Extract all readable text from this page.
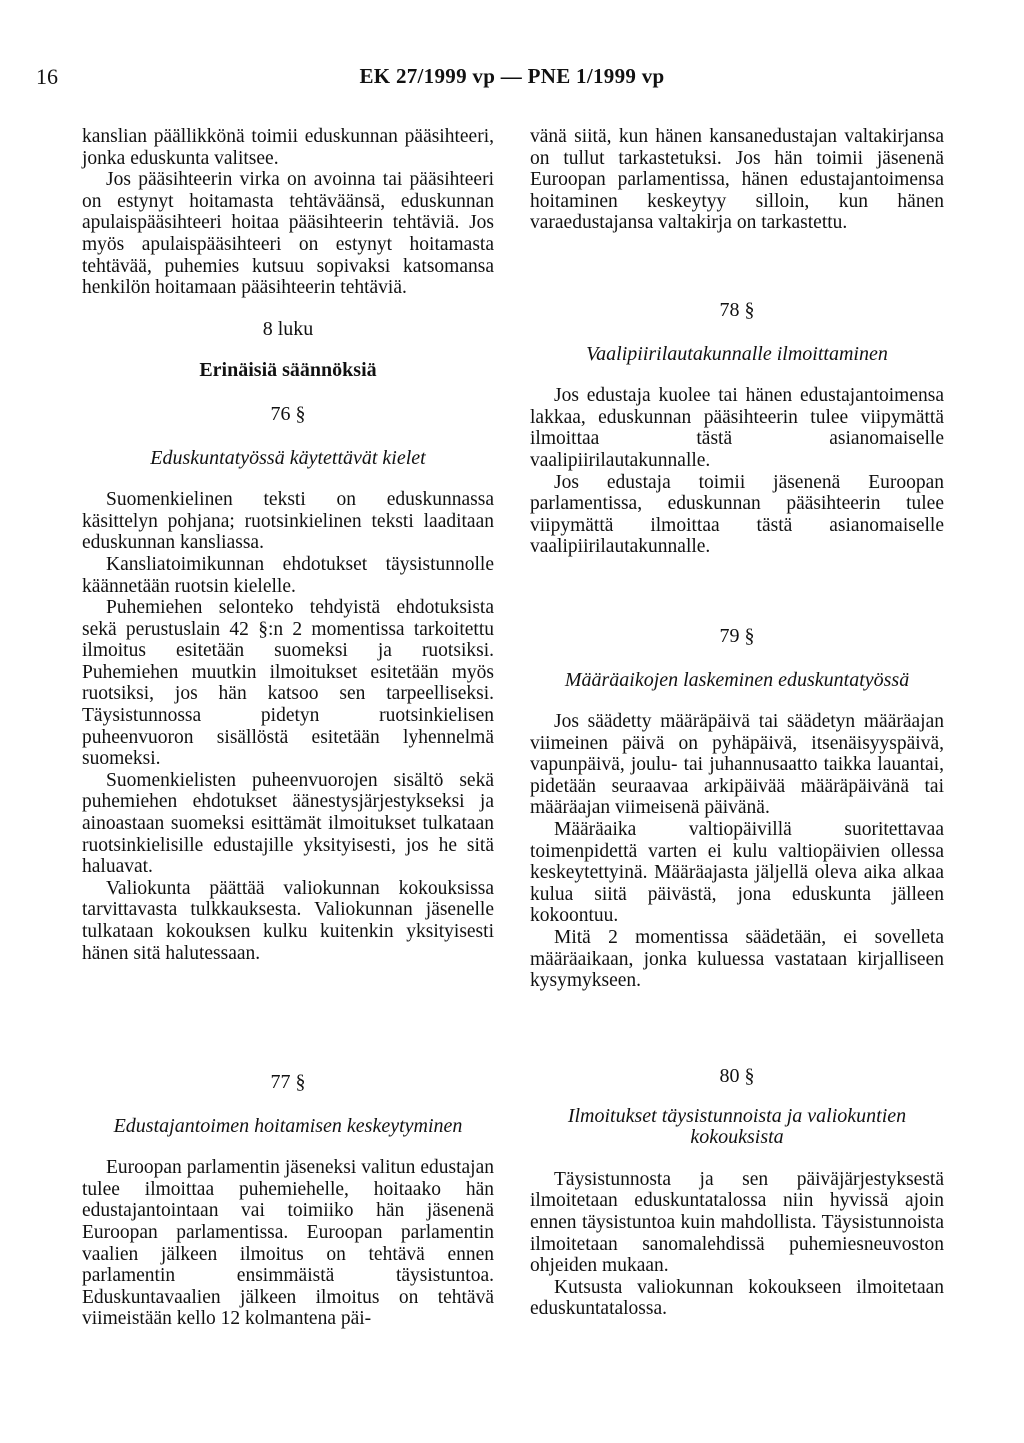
16	EK 27/1999 vp — PNE 1/1999 vp

kanslian päällikkönä toimii eduskunnan pääsihteeri, jonka eduskunta valitsee.

Jos pääsihteerin virka on avoinna tai pääsihteeri on estynyt hoitamasta tehtäväänsä, eduskunnan apulaispääsihteeri hoitaa pääsihteerin tehtäviä. Jos myös apulaispääsihteeri on estynyt hoitamasta tehtävää, puhemies kutsuu sopivaksi katsomansa henkilön hoitamaan pääsihteerin tehtäviä.

8 luku

Erinäisiä säännöksiä

76 §

Eduskuntatyössä käytettävät kielet

Suomenkielinen teksti on eduskunnassa käsittelyn pohjana; ruotsinkielinen teksti laaditaan eduskunnan kansliassa.

Kansliatoimikunnan ehdotukset täysistunnolle käännetään ruotsin kielelle.

Puhemiehen selonteko tehdyistä ehdotuksista sekä perustuslain 42 §:n 2 momentissa tarkoitettu ilmoitus esitetään suomeksi ja ruotsiksi. Puhemiehen muutkin ilmoitukset esitetään myös ruotsiksi, jos hän katsoo sen tarpeelliseksi. Täysistunnossa pidetyn ruotsinkielisen puheenvuoron sisällöstä esitetään lyhennelmä suomeksi.

Suomenkielisten puheenvuorojen sisältö sekä puhemiehen ehdotukset äänestysjärjestykseksi ja ainoastaan suomeksi esittämät ilmoitukset tulkataan ruotsinkielisille edustajille yksityisesti, jos he sitä haluavat.

Valiokunta päättää valiokunnan kokouksissa tarvittavasta tulkkauksesta. Valiokunnan jäsenelle tulkataan kokouksen kulku kuitenkin yksityisesti hänen sitä halutessaan.

77 §

Edustajantoimen hoitamisen keskeytyminen

Euroopan parlamentin jäseneksi valitun edustajan tulee ilmoittaa puhemiehelle, hoitaako hän edustajantointaan vai toimiiko hän jäsenenä Euroopan parlamentissa. Euroopan parlamentin vaalien jälkeen ilmoitus on tehtävä ennen parlamentin ensimmäistä täysistuntoa. Eduskuntavaalien jälkeen ilmoitus on tehtävä viimeistään kello 12 kolmantena päi-

vänä siitä, kun hänen kansanedustajan valtakirjansa on tullut tarkastetuksi. Jos hän toimii jäsenenä Euroopan parlamentissa, hänen edustajantoimensa hoitaminen keskeytyy silloin, kun hänen varaedustajansa valtakirja on tarkastettu.

78 §

Vaalipiirilautakunnalle ilmoittaminen

Jos edustaja kuolee tai hänen edustajantoimensa lakkaa, eduskunnan pääsihteerin tulee viipymättä ilmoittaa tästä asianomaiselle vaalipiirilautakunnalle.

Jos edustaja toimii jäsenenä Euroopan parlamentissa, eduskunnan pääsihteerin tulee viipymättä ilmoittaa tästä asianomaiselle vaalipiirilautakunnalle.

79 §

Määräaikojen laskeminen eduskuntatyössä

Jos säädetty määräpäivä tai säädetyn määräajan viimeinen päivä on pyhäpäivä, itsenäisyyspäivä, vapunpäivä, joulu- tai juhannusaatto taikka lauantai, pidetään seuraavaa arkipäivää määräpäivänä tai määräajan viimeisenä päivänä.

Määräaika valtiopäivillä suoritettavaa toimenpidettä varten ei kulu valtiopäivien ollessa keskeytettyinä. Määräajasta jäljellä oleva aika alkaa kulua siitä päivästä, jona eduskunta jälleen kokoontuu.

Mitä 2 momentissa säädetään, ei sovelleta määräaikaan, jonka kuluessa vastataan kirjalliseen kysymykseen.

80 §

Ilmoitukset täysistunnoista ja valiokuntien kokouksista

Täysistunnosta ja sen päiväjärjestyksestä ilmoitetaan eduskuntatalossa niin hyvissä ajoin ennen täysistuntoa kuin mahdollista. Täysistunnoista ilmoitetaan sanomalehdissä puhemiesneuvoston ohjeiden mukaan.

Kutsusta valiokunnan kokoukseen ilmoitetaan eduskuntatalossa.
